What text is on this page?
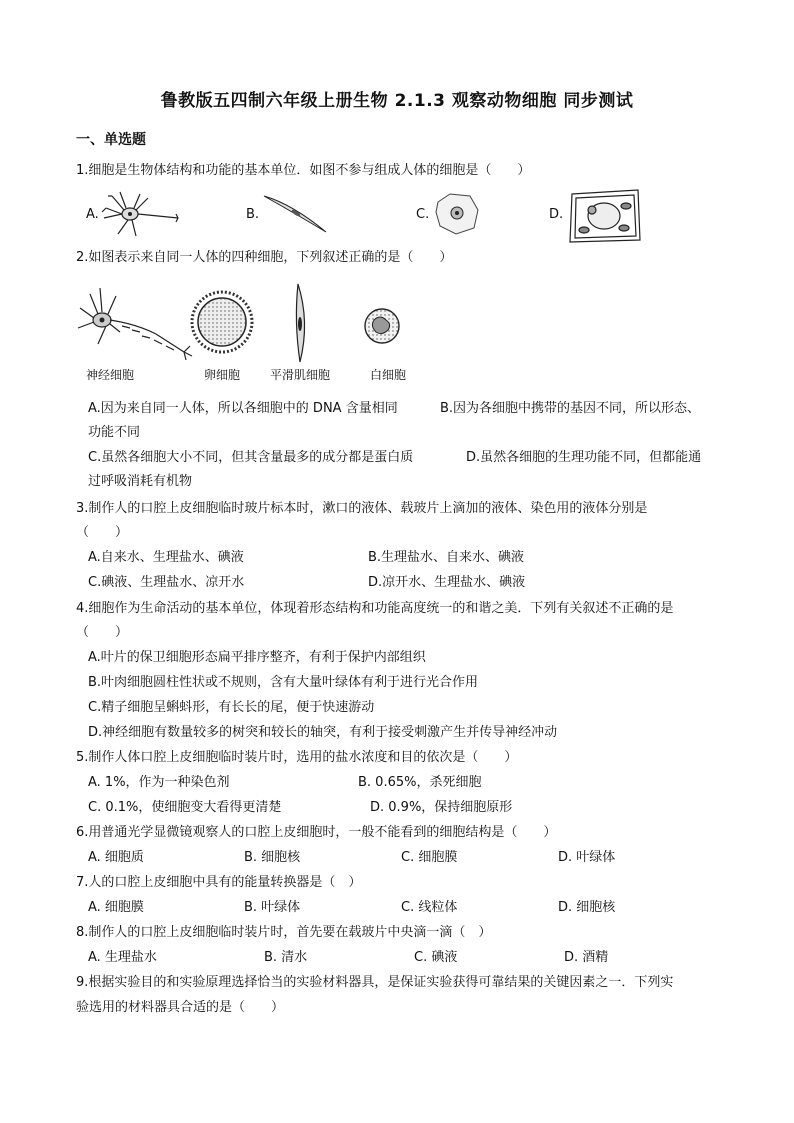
鲁教版五四制六年级上册生物 2.1.3 观察动物细胞 同步测试
一、单选题
1.细胞是生物体结构和功能的基本单位．如图不参与组成人体的细胞是（　　）
A.	B.	C.	D.
2.如图表示来自同一人体的四种细胞，下列叙述正确的是（　　）
神经细胞	卵细胞 平滑肌细胞	白细胞
A.因为来自同一人体，所以各细胞中的 DNA 含量相同	B.因为各细胞中携带的基因不同，所以形态、
功能不同
C.虽然各细胞大小不同，但其含量最多的成分都是蛋白质	D.虽然各细胞的生理功能不同，但都能通
过呼吸消耗有机物
3.制作人的口腔上皮细胞临时玻片标本时，漱口的液体、载玻片上滴加的液体、染色用的液体分别是
（　　）
A.自来水、生理盐水、碘液	B.生理盐水、自来水、碘液
C.碘液、生理盐水、凉开水	D.凉开水、生理盐水、碘液
4.细胞作为生命活动的基本单位，体现着形态结构和功能高度统一的和谐之美．下列有关叙述不正确的是
（　　）
A.叶片的保卫细胞形态扁平排序整齐，有利于保护内部组织
B.叶肉细胞圆柱性状或不规则，含有大量叶绿体有利于进行光合作用
C.精子细胞呈蝌蚪形，有长长的尾，便于快速游动
D.神经细胞有数量较多的树突和较长的轴突，有利于接受刺激产生并传导神经冲动
5.制作人体口腔上皮细胞临时装片时，选用的盐水浓度和目的依次是（　　）
A. 1%，作为一种染色剂	B. 0.65%，杀死细胞
C. 0.1%，使细胞变大看得更清楚	D. 0.9%，保持细胞原形
6.用普通光学显微镜观察人的口腔上皮细胞时，一般不能看到的细胞结构是（　　）
A. 细胞质	B. 细胞核	C. 细胞膜	D. 叶绿体
7.人的口腔上皮细胞中具有的能量转换器是（　）
A. 细胞膜	B. 叶绿体	C. 线粒体	D. 细胞核
8.制作人的口腔上皮细胞临时装片时，首先要在载玻片中央滴一滴（　）
A. 生理盐水	B. 清水	C. 碘液	D. 酒精
9.根据实验目的和实验原理选择恰当的实验材料器具，是保证实验获得可靠结果的关键因素之一．下列实
验选用的材料器具合适的是（　　）
